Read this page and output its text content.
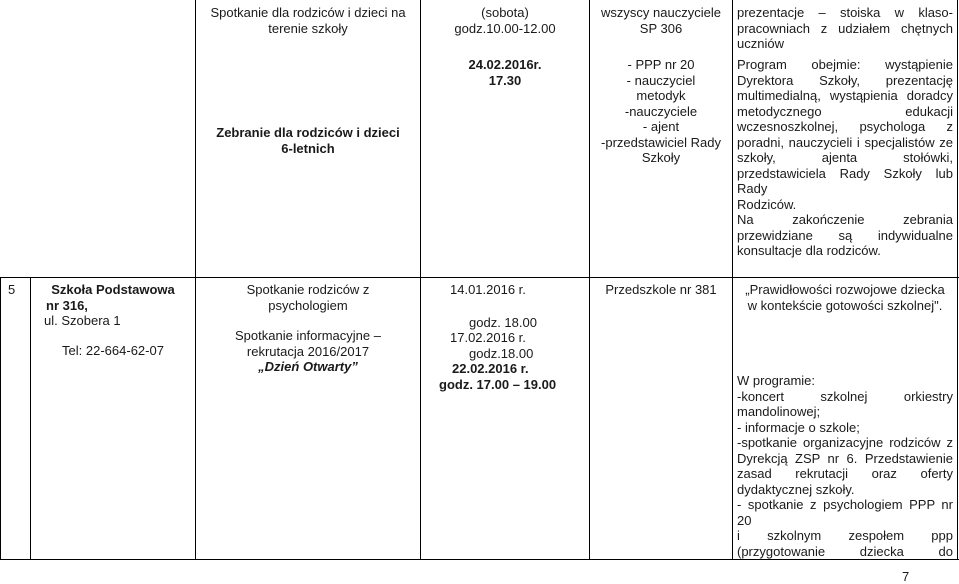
Spotkanie dla rodziców i dzieci na terenie szkoły
(sobota)
godz.10.00-12.00
wszyscy nauczyciele
SP 306
prezentacje – stoiska w klaso-
pracowniach z udziałem chętnych
uczniów
Zebranie dla rodziców i dzieci 6-letnich
24.02.2016r.
17.30
- PPP nr 20
- nauczyciel
metodyk
-nauczyciele
- ajent
-przedstawiciel Rady
Szkoły
Program obejmie: wystąpienie
Dyrektora Szkoły, prezentację
multimedialną, wystąpienia doradcy
metodycznego edukacji
wczesnoszkolnej, psychologa z
poradni, nauczycieli i specjalistów ze
szkoły, ajenta stołówki,
przedstawiciela Rady Szkoły lub Rady
Rodziców.
Na zakończenie zebrania
przewidziane są indywidualne
konsultacje dla rodziców.
5	Szkoła Podstawowa
nr 316,
ul. Szobera 1
Tel: 22-664-62-07
Spotkanie rodziców z
psychologiem
Spotkanie informacyjne –
rekrutacja 2016/2017
„Dzień Otwarty”
14.01.2016 r.
godz. 18.00
17.02.2016 r.
godz.18.00
22.02.2016 r.
godz. 17.00 – 19.00
Przedszkole nr 381	„Prawidłowości rozwojowe dziecka
w kontekście gotowości szkolnej".
W programie:
-koncert szkolnej orkiestry
mandolinowej;
- informacje o szkole;
-spotkanie organizacyjne rodziców z
Dyrekcją ZSP nr 6. Przedstawienie
zasad rekrutacji oraz oferty
dydaktycznej szkoły.
- spotkanie z psychologiem PPP nr 20
i szkolnym zespołem ppp
(przygotowanie dziecka do
7
